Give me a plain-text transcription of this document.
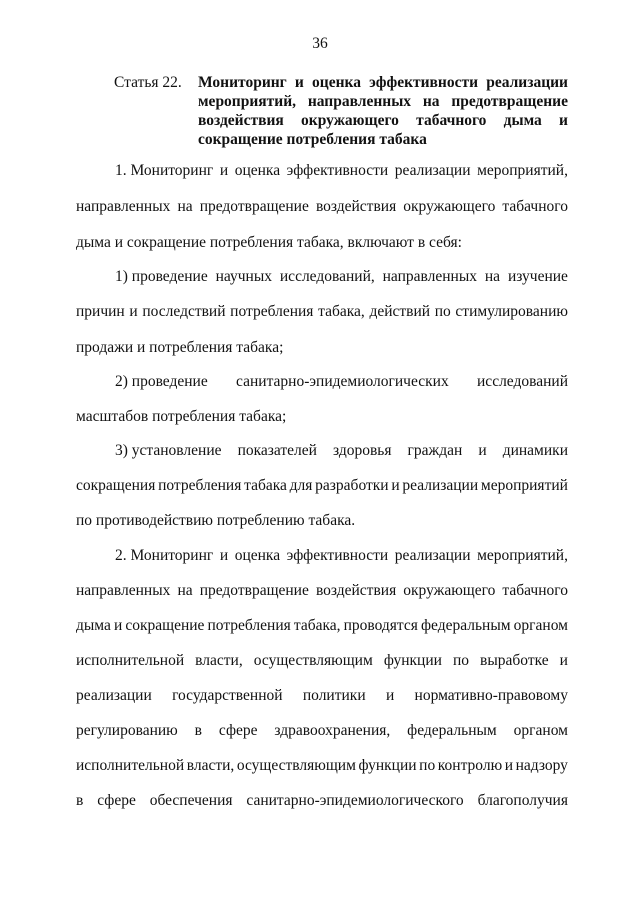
36
Статья 22. Мониторинг и оценка эффективности реализации мероприятий, направленных на предотвращение воздействия окружающего табачного дыма и сокращение потребления табака
1. Мониторинг и оценка эффективности реализации мероприятий,
направленных на предотвращение воздействия окружающего табачного
дыма и сокращение потребления табака, включают в себя:
1) проведение научных исследований, направленных на изучение
причин и последствий потребления табака, действий по стимулированию
продажи и потребления табака;
2) проведение санитарно-эпидемиологических исследований
масштабов потребления табака;
3) установление показателей здоровья граждан и динамики
сокращения потребления табака для разработки и реализации мероприятий
по противодействию потреблению табака.
2. Мониторинг и оценка эффективности реализации мероприятий,
направленных на предотвращение воздействия окружающего табачного
дыма и сокращение потребления табака, проводятся федеральным органом
исполнительной власти, осуществляющим функции по выработке и
реализации государственной политики и нормативно-правовому
регулированию в сфере здравоохранения, федеральным органом
исполнительной власти, осуществляющим функции по контролю и надзору
в сфере обеспечения санитарно-эпидемиологического благополучия
